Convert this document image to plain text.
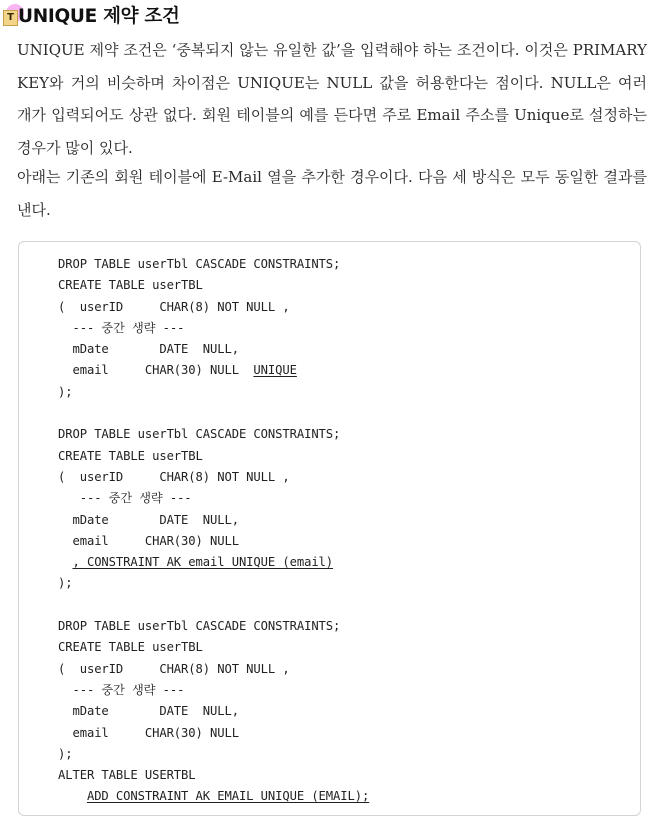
T UNIQUE 제약 조건

UNIQUE 제약 조건은 ‘중복되지 않는 유일한 값’을 입력해야 하는 조건이다. 이것은 PRIMARY KEY와 거의 비슷하며 차이점은 UNIQUE는 NULL 값을 허용한다는 점이다. NULL은 여러 개가 입력되어도 상관 없다. 회원 테이블의 예를 든다면 주로 Email 주소를 Unique로 설정하는 경우가 많이 있다.

아래는 기존의 회원 테이블에 E-Mail 열을 추가한 경우이다. 다음 세 방식은 모두 동일한 결과를 낸다.

DROP TABLE userTbl CASCADE CONSTRAINTS;
CREATE TABLE userTBL
(  userID     CHAR(8) NOT NULL ,
--- 중간 생략 ---
mDate       DATE  NULL,
email     CHAR(30) NULL  UNIQUE
);
DROP TABLE userTbl CASCADE CONSTRAINTS;
CREATE TABLE userTBL
(  userID     CHAR(8) NOT NULL ,
--- 중간 생략 ---
mDate       DATE  NULL,
email     CHAR(30) NULL
, CONSTRAINT AK_email UNIQUE (email)
);
DROP TABLE userTbl CASCADE CONSTRAINTS;
CREATE TABLE userTBL
(  userID     CHAR(8) NOT NULL ,
--- 중간 생략 ---
mDate       DATE  NULL,
email     CHAR(30) NULL
);
ALTER TABLE USERTBL
ADD CONSTRAINT AK_EMAIL UNIQUE (EMAIL);
